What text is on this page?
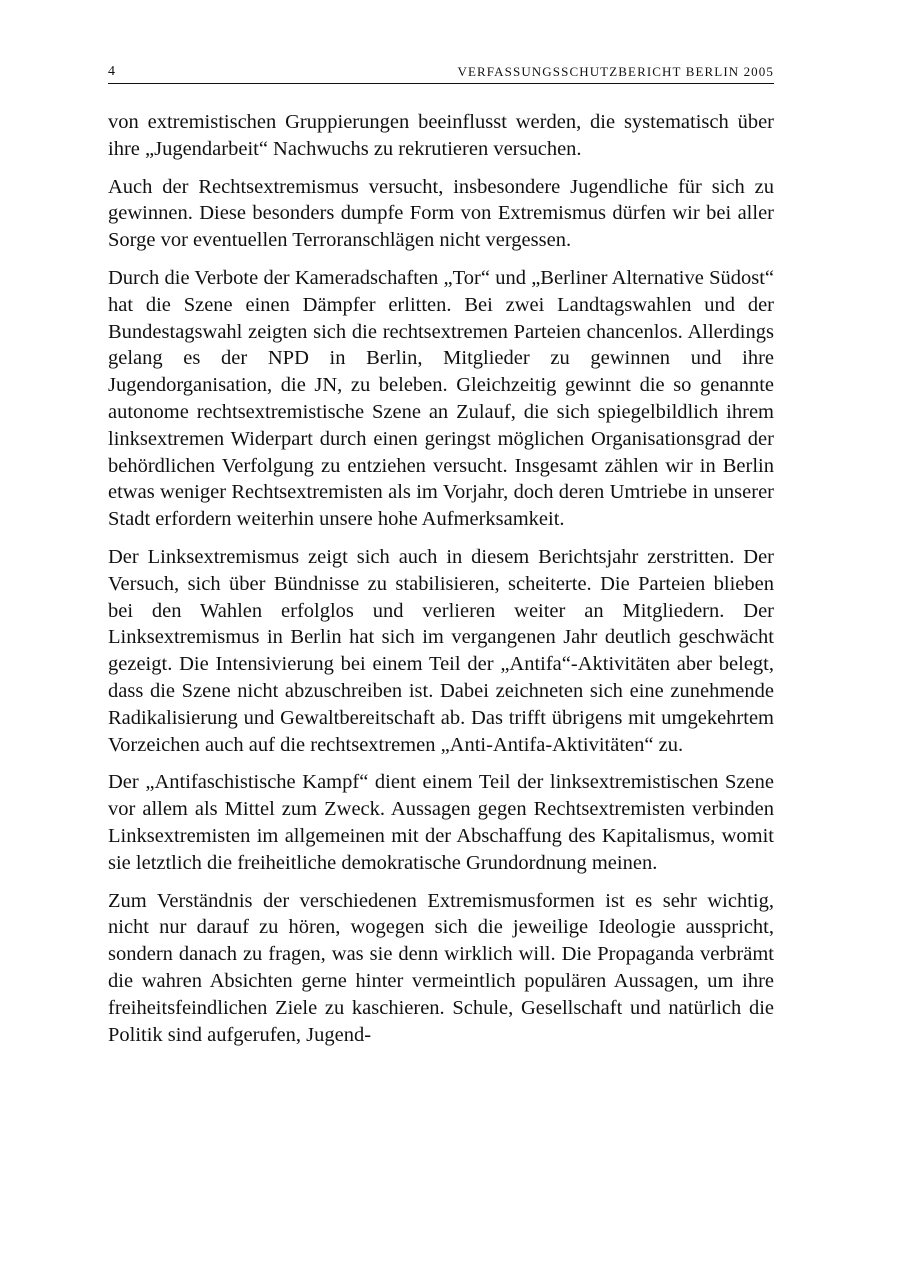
4	VERFASSUNGSSCHUTZBERICHT BERLIN 2005

von extremistischen Gruppierungen beeinflusst werden, die systematisch über ihre „Jugendarbeit“ Nachwuchs zu rekrutieren versuchen.

Auch der Rechtsextremismus versucht, insbesondere Jugendliche für sich zu gewinnen. Diese besonders dumpfe Form von Extremismus dürfen wir bei aller Sorge vor eventuellen Terroranschlägen nicht vergessen.

Durch die Verbote der Kameradschaften „Tor“ und „Berliner Alternative Südost“ hat die Szene einen Dämpfer erlitten. Bei zwei Landtagswahlen und der Bundestagswahl zeigten sich die rechtsextremen Parteien chancenlos. Allerdings gelang es der NPD in Berlin, Mitglieder zu gewinnen und ihre Jugendorganisation, die JN, zu beleben. Gleichzeitig gewinnt die so genannte autonome rechtsextremistische Szene an Zulauf, die sich spiegelbildlich ihrem linksextremen Widerpart durch einen geringst möglichen Organisationsgrad der behördlichen Verfolgung zu entziehen versucht. Insgesamt zählen wir in Berlin etwas weniger Rechtsextremisten als im Vorjahr, doch deren Umtriebe in unserer Stadt erfordern weiterhin unsere hohe Aufmerksamkeit.

Der Linksextremismus zeigt sich auch in diesem Berichtsjahr zerstritten. Der Versuch, sich über Bündnisse zu stabilisieren, scheiterte. Die Parteien blieben bei den Wahlen erfolglos und verlieren weiter an Mitgliedern. Der Linksextremismus in Berlin hat sich im vergangenen Jahr deutlich geschwächt gezeigt. Die Intensivierung bei einem Teil der „Antifa“-Aktivitäten aber belegt, dass die Szene nicht abzuschreiben ist. Dabei zeichneten sich eine zunehmende Radikalisierung und Gewaltbereitschaft ab. Das trifft übrigens mit umgekehrtem Vorzeichen auch auf die rechtsextremen „Anti-Antifa-Aktivitäten“ zu.

Der „Antifaschistische Kampf“ dient einem Teil der linksextremistischen Szene vor allem als Mittel zum Zweck. Aussagen gegen Rechtsextremisten verbinden Linksextremisten im allgemeinen mit der Abschaffung des Kapitalismus, womit sie letztlich die freiheitliche demokratische Grundordnung meinen.

Zum Verständnis der verschiedenen Extremismusformen ist es sehr wichtig, nicht nur darauf zu hören, wogegen sich die jeweilige Ideologie ausspricht, sondern danach zu fragen, was sie denn wirklich will. Die Propaganda verbrämt die wahren Absichten gerne hinter vermeintlich populären Aussagen, um ihre freiheitsfeindlichen Ziele zu kaschieren. Schule, Gesellschaft und natürlich die Politik sind aufgerufen, Jugend-
